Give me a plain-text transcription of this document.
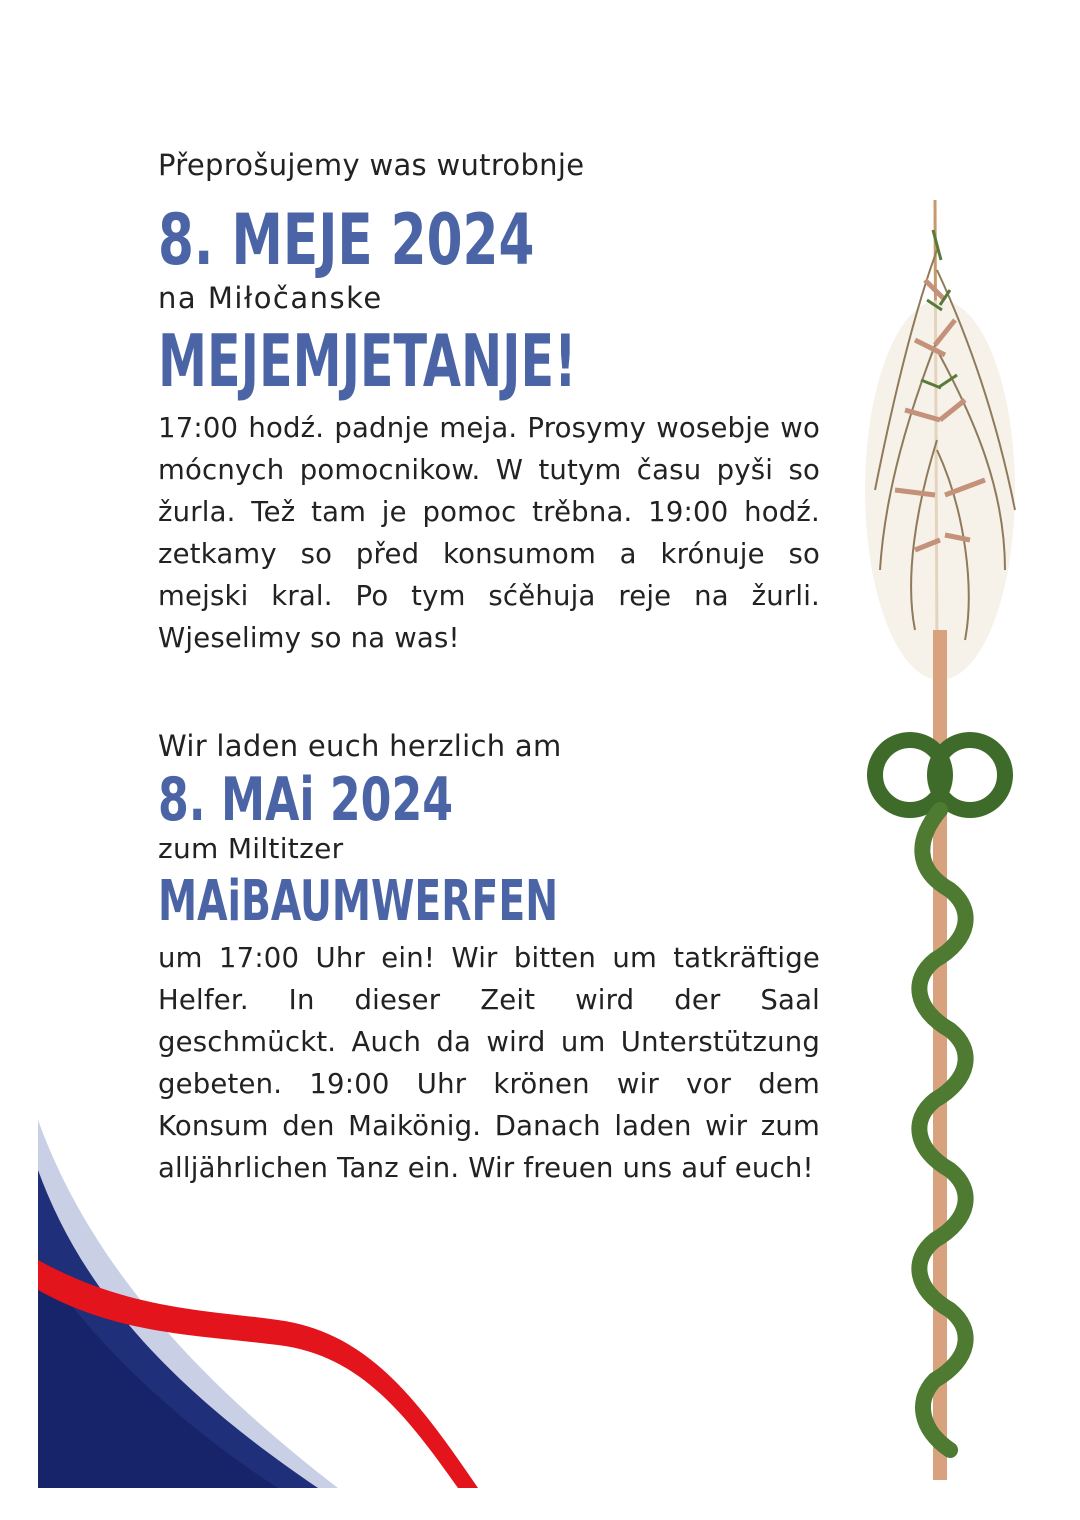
Přeprošujemy was wutrobnje
8. MEJE 2024
na Miłočanske
MEJEMJETANJE!
17:00 hodź. padnje meja. Prosymy wosebje wo mócnych pomocnikow. W tutym času pyši so žurla. Tež tam je pomoc trěbna. 19:00 hodź. zetkamy so před konsumom a krónuje so mejski kral. Po tym sćěhuja reje na žurli. Wjeselimy so na was!
Wir laden euch herzlich am
8. MAi 2024
zum Miltitzer
MAiBAUMWERFEN
um 17:00 Uhr ein! Wir bitten um tatkräftige Helfer. In dieser Zeit wird der Saal geschmückt. Auch da wird um Unterstützung gebeten. 19:00 Uhr krönen wir vor dem Konsum den Maikönig. Danach laden wir zum alljährlichen Tanz ein. Wir freuen uns auf euch!
